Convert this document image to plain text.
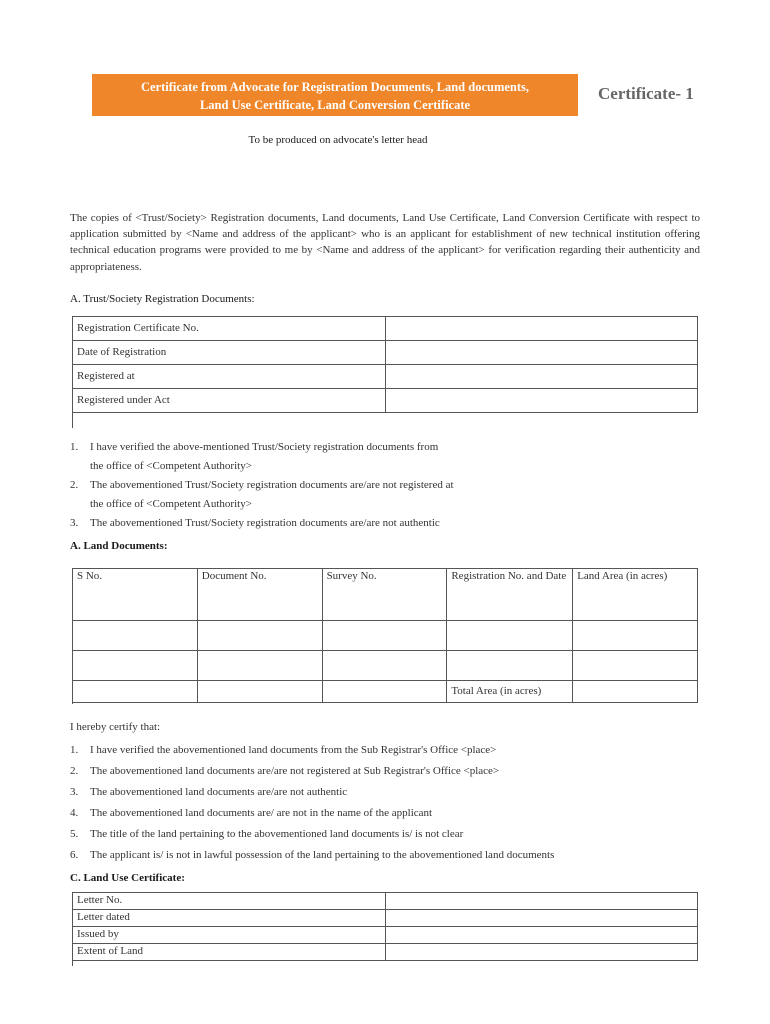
Certificate from Advocate for Registration Documents, Land documents,
Land Use Certificate, Land Conversion Certificate
Certificate- 1
To be produced on advocate's letter head
The copies of <Trust/Society> Registration documents, Land documents, Land Use Certificate, Land Conversion Certificate with respect to application submitted by <Name and address of the applicant> who is an applicant for establishment of new technical institution offering technical education programs were provided to me by <Name and address of the applicant> for verification regarding their authenticity and appropriateness.
A. Trust/Society Registration Documents:
Registration Certificate No.	
Date of Registration	
Registered at	
Registered under Act	
1. I have verified the above-mentioned Trust/Society registration documents from
the office of <Competent Authority>
2. The abovementioned Trust/Society registration documents are/are not registered at
the office of <Competent Authority>
3. The abovementioned Trust/Society registration documents are/are not authentic
A. Land Documents:
S No.	Document No.	Survey No.	Registration No. and Date	Land Area (in acres)

			Total Area (in acres)	
I hereby certify that:
1. I have verified the abovementioned land documents from the Sub Registrar's Office <place>
2. The abovementioned land documents are/are not registered at Sub Registrar's Office <place>
3. The abovementioned land documents are/are not authentic
4. The abovementioned land documents are/ are not in the name of the applicant
5. The title of the land pertaining to the abovementioned land documents is/ is not clear
6. The applicant is/ is not in lawful possession of the land pertaining to the abovementioned land documents
C. Land Use Certificate:
Letter No.	
Letter dated	
Issued by	
Extent of Land	
